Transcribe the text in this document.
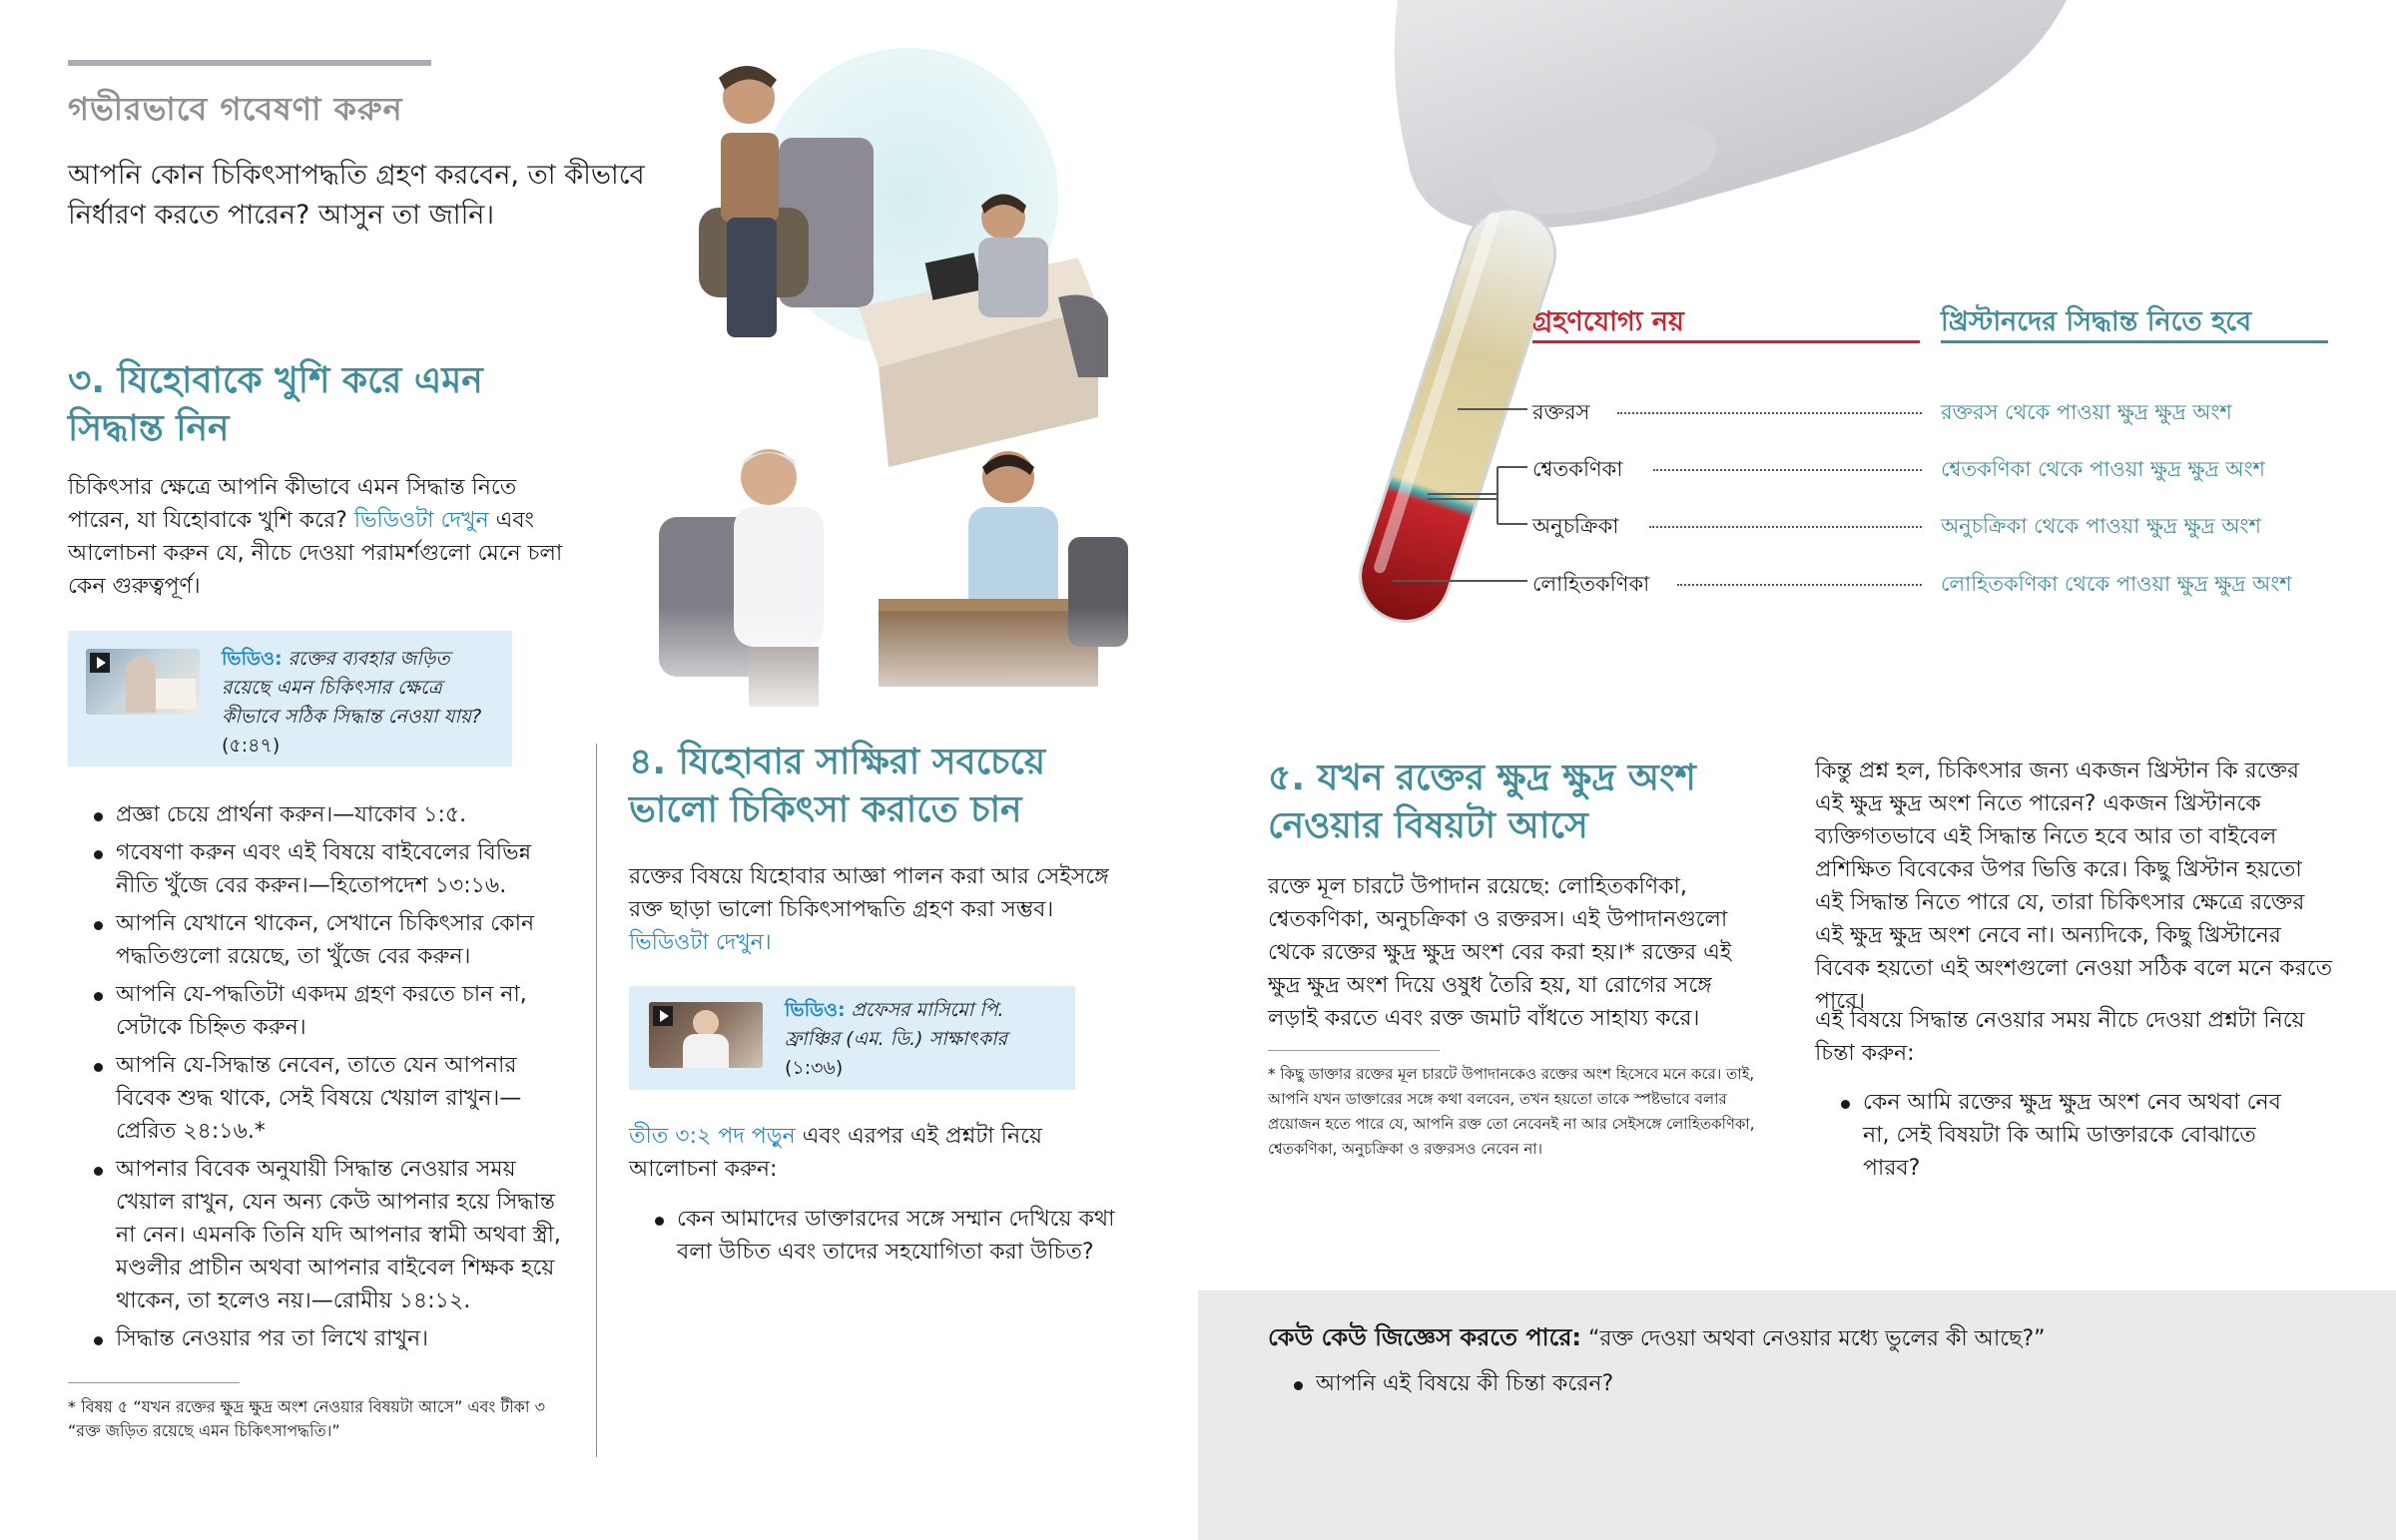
গভীরভাবে গবেষণা করুন
আপনি কোন চিকিৎসাপদ্ধতি গ্রহণ করবেন, তা কীভাবে নির্ধারণ করতে পারেন? আসুন তা জানি।
৩. যিহোবাকে খুশি করে এমন সিদ্ধান্ত নিন
চিকিৎসার ক্ষেত্রে আপনি কীভাবে এমন সিদ্ধান্ত নিতে পারেন, যা যিহোবাকে খুশি করে? ভিডিওটা দেখুন এবং আলোচনা করুন যে, নীচে দেওয়া পরামর্শগুলো মেনে চলা কেন গুরুত্বপূর্ণ।
ভিডিও: রক্তের ব্যবহার জড়িত রয়েছে এমন চিকিৎসার ক্ষেত্রে কীভাবে সঠিক সিদ্ধান্ত নেওয়া যায়?
(৫:৪৭)
প্রজ্ঞা চেয়ে প্রার্থনা করুন।—যাকোব ১:৫.
গবেষণা করুন এবং এই বিষয়ে বাইবেলের বিভিন্ন নীতি খুঁজে বের করুন।—হিতোপদেশ ১৩:১৬.
আপনি যেখানে থাকেন, সেখানে চিকিৎসার কোন পদ্ধতিগুলো রয়েছে, তা খুঁজে বের করুন।
আপনি যে-পদ্ধতিটা একদম গ্রহণ করতে চান না, সেটাকে চিহ্নিত করুন।
আপনি যে-সিদ্ধান্ত নেবেন, তাতে যেন আপনার বিবেক শুদ্ধ থাকে, সেই বিষয়ে খেয়াল রাখুন।—প্রেরিত ২৪:১৬.*
আপনার বিবেক অনুযায়ী সিদ্ধান্ত নেওয়ার সময় খেয়াল রাখুন, যেন অন্য কেউ আপনার হয়ে সিদ্ধান্ত না নেন। এমনকি তিনি যদি আপনার স্বামী অথবা স্ত্রী, মণ্ডলীর প্রাচীন অথবা আপনার বাইবেল শিক্ষক হয়ে থাকেন, তা হলেও নয়।—রোমীয় ১৪:১২.
সিদ্ধান্ত নেওয়ার পর তা লিখে রাখুন।
* বিষয় ৫ “যখন রক্তের ক্ষুদ্র ক্ষুদ্র অংশ নেওয়ার বিষয়টা আসে” এবং টীকা ৩ “রক্ত জড়িত রয়েছে এমন চিকিৎসাপদ্ধতি।”
৪. যিহোবার সাক্ষিরা সবচেয়ে ভালো চিকিৎসা করাতে চান
রক্তের বিষয়ে যিহোবার আজ্ঞা পালন করা আর সেইসঙ্গে রক্ত ছাড়া ভালো চিকিৎসাপদ্ধতি গ্রহণ করা সম্ভব। ভিডিওটা দেখুন।
ভিডিও: প্রফেসর মাসিমো পি. ফ্রাঞ্চির (এম. ডি.) সাক্ষাৎকার
(১:৩৬)
তীত ৩:২ পদ পড়ুন এবং এরপর এই প্রশ্নটা নিয়ে আলোচনা করুন:
কেন আমাদের ডাক্তারদের সঙ্গে সম্মান দেখিয়ে কথা বলা উচিত এবং তাদের সহযোগিতা করা উচিত?
গ্রহণযোগ্য নয়	খ্রিস্টানদের সিদ্ধান্ত নিতে হবে
রক্তরস	রক্তরস থেকে পাওয়া ক্ষুদ্র ক্ষুদ্র অংশ
শ্বেতকণিকা	শ্বেতকণিকা থেকে পাওয়া ক্ষুদ্র ক্ষুদ্র অংশ
অনুচক্রিকা	অনুচক্রিকা থেকে পাওয়া ক্ষুদ্র ক্ষুদ্র অংশ
লোহিতকণিকা	লোহিতকণিকা থেকে পাওয়া ক্ষুদ্র ক্ষুদ্র অংশ
৫. যখন রক্তের ক্ষুদ্র ক্ষুদ্র অংশ নেওয়ার বিষয়টা আসে
রক্তে মূল চারটে উপাদান রয়েছে: লোহিতকণিকা, শ্বেতকণিকা, অনুচক্রিকা ও রক্তরস। এই উপাদানগুলো থেকে রক্তের ক্ষুদ্র ক্ষুদ্র অংশ বের করা হয়।* রক্তের এই ক্ষুদ্র ক্ষুদ্র অংশ দিয়ে ওষুধ তৈরি হয়, যা রোগের সঙ্গে লড়াই করতে এবং রক্ত জমাট বাঁধতে সাহায্য করে।
* কিছু ডাক্তার রক্তের মূল চারটে উপাদানকেও রক্তের অংশ হিসেবে মনে করে। তাই, আপনি যখন ডাক্তারের সঙ্গে কথা বলবেন, তখন হয়তো তাকে স্পষ্টভাবে বলার প্রয়োজন হতে পারে যে, আপনি রক্ত তো নেবেনই না আর সেইসঙ্গে লোহিতকণিকা, শ্বেতকণিকা, অনুচক্রিকা ও রক্তরসও নেবেন না।
কিন্তু প্রশ্ন হল, চিকিৎসার জন্য একজন খ্রিস্টান কি রক্তের এই ক্ষুদ্র ক্ষুদ্র অংশ নিতে পারেন? একজন খ্রিস্টানকে ব্যক্তিগতভাবে এই সিদ্ধান্ত নিতে হবে আর তা বাইবেল প্রশিক্ষিত বিবেকের উপর ভিত্তি করে। কিছু খ্রিস্টান হয়তো এই সিদ্ধান্ত নিতে পারে যে, তারা চিকিৎসার ক্ষেত্রে রক্তের এই ক্ষুদ্র ক্ষুদ্র অংশ নেবে না। অন্যদিকে, কিছু খ্রিস্টানের বিবেক হয়তো এই অংশগুলো নেওয়া সঠিক বলে মনে করতে পারে।
এই বিষয়ে সিদ্ধান্ত নেওয়ার সময় নীচে দেওয়া প্রশ্নটা নিয়ে চিন্তা করুন:
কেন আমি রক্তের ক্ষুদ্র ক্ষুদ্র অংশ নেব অথবা নেব না, সেই বিষয়টা কি আমি ডাক্তারকে বোঝাতে পারব?
কেউ কেউ জিজ্ঞেস করতে পারে: “রক্ত দেওয়া অথবা নেওয়ার মধ্যে ভুলের কী আছে?”
আপনি এই বিষয়ে কী চিন্তা করেন?
